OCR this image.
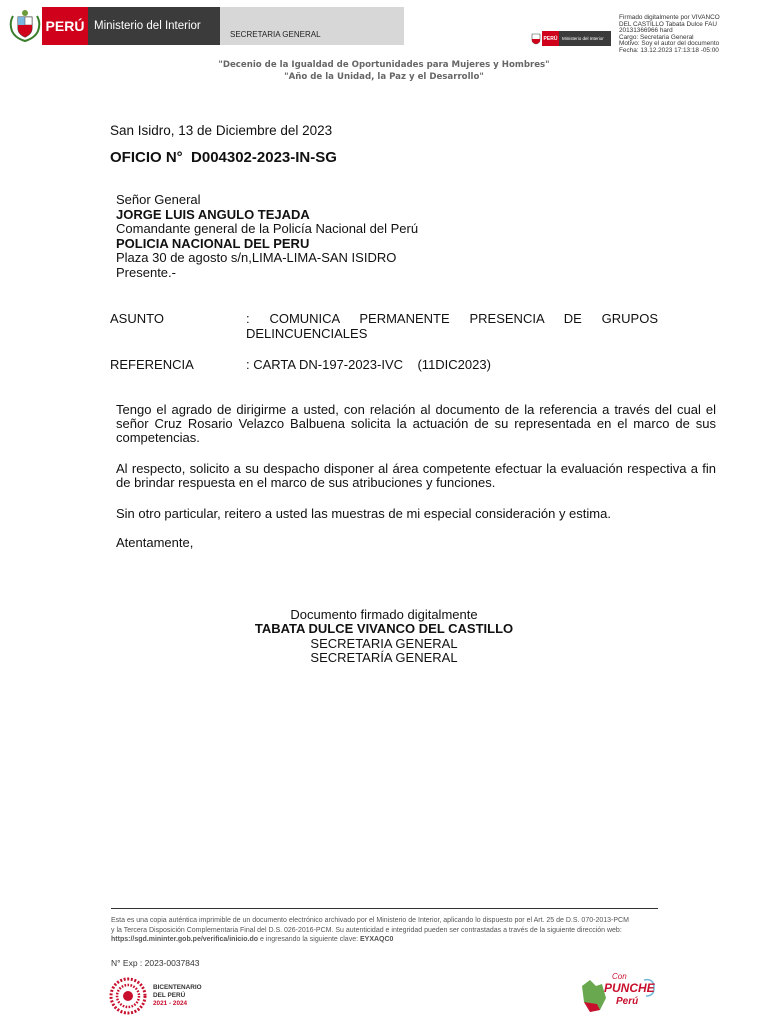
PERÚ Ministerio del Interior
SECRETARIA GENERAL	PERÚ	Ministerio del Interior
Firmado digitalmente por VIVANCO
DEL CASTILLO Tabata Dulce FAU
20131366966 hard
Cargo: Secretaria General
Motivo: Soy el autor del documento
Fecha: 13.12.2023 17:13:18 -05:00
"Decenio de la Igualdad de Oportunidades para Mujeres y Hombres"
"Año de la Unidad, la Paz y el Desarrollo"
San Isidro, 13 de Diciembre del 2023
OFICIO N° D004302-2023-IN-SG
Señor General
JORGE LUIS ANGULO TEJADA
Comandante general de la Policía Nacional del Perú
POLICIA NACIONAL DEL PERU
Plaza 30 de agosto s/n,LIMA-LIMA-SAN ISIDRO
Presente.-
ASUNTO	: COMUNICA PERMANENTE PRESENCIA DE GRUPOS
DELINCUENCIALES
REFERENCIA	: CARTA DN-197-2023-IVC    (11DIC2023)
Tengo el agrado de dirigirme a usted, con relación al documento de la referencia a través del cual el señor Cruz Rosario Velazco Balbuena solicita la actuación de su representada en el marco de sus competencias.
Al respecto, solicito a su despacho disponer al área competente efectuar la evaluación respectiva a fin de brindar respuesta en el marco de sus atribuciones y funciones.
Sin otro particular, reitero a usted las muestras de mi especial consideración y estima.
Atentamente,
Documento firmado digitalmente
TABATA DULCE VIVANCO DEL CASTILLO
SECRETARIA GENERAL
SECRETARÍA GENERAL
Esta es una copia auténtica imprimible de un documento electrónico archivado por el Ministerio de Interior, aplicando lo dispuesto por el Art. 25 de D.S. 070-2013-PCM
y la Tercera Disposición Complementaria Final del D.S. 026-2016-PCM. Su autenticidad e integridad pueden ser contrastadas a través de la siguiente dirección web:
https://sgd.mininter.gob.pe/verifica/inicio.do e ingresando la siguiente clave: EYXAQC0
N° Exp : 2023-0037843
BICENTENARIO
DEL PERÚ
2021 - 2024
Con
PUNCHE
Perú
